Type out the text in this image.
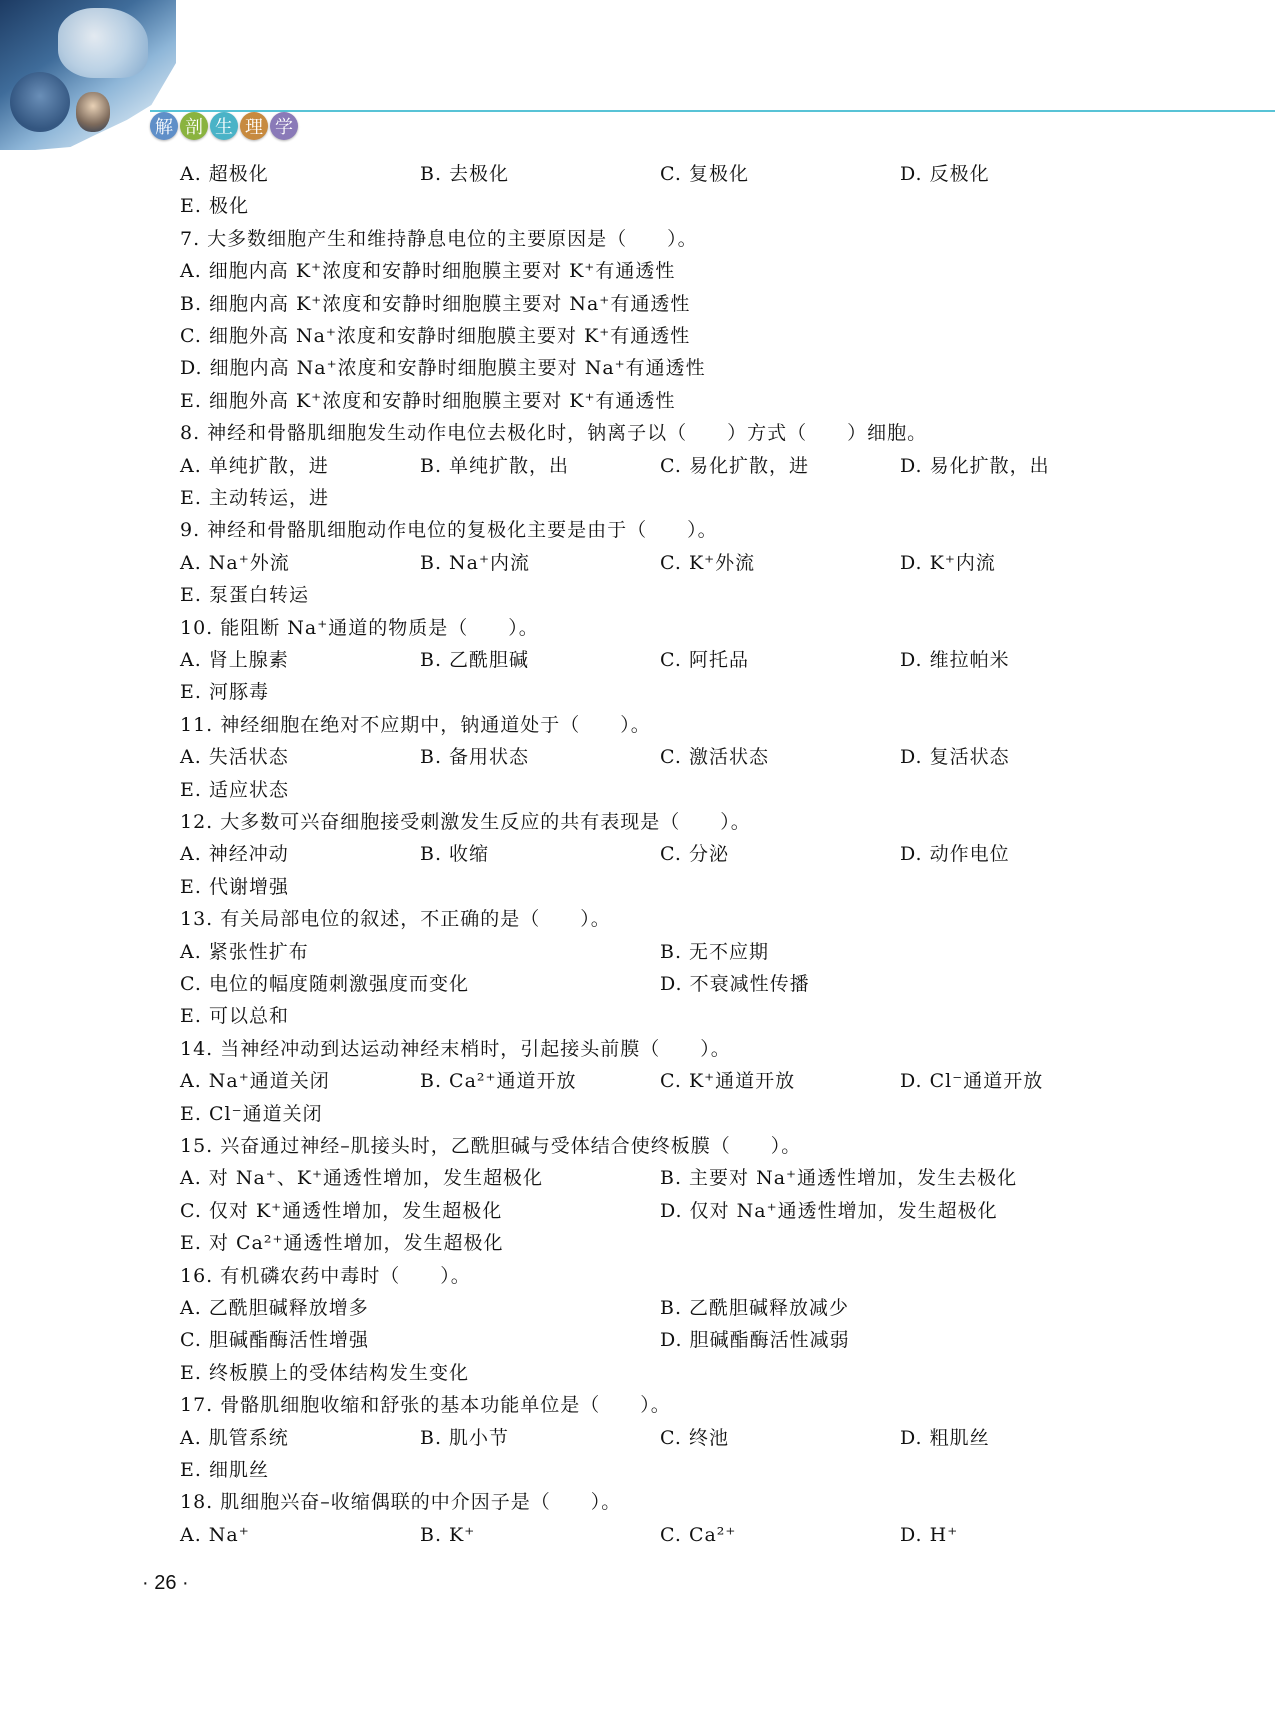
解 剖 生 理 学
A. 超极化	B. 去极化	C. 复极化	D. 反极化
E. 极化
7. 大多数细胞产生和维持静息电位的主要原因是（　　）。
A. 细胞内高 K⁺浓度和安静时细胞膜主要对 K⁺有通透性
B. 细胞内高 K⁺浓度和安静时细胞膜主要对 Na⁺有通透性
C. 细胞外高 Na⁺浓度和安静时细胞膜主要对 K⁺有通透性
D. 细胞内高 Na⁺浓度和安静时细胞膜主要对 Na⁺有通透性
E. 细胞外高 K⁺浓度和安静时细胞膜主要对 K⁺有通透性
8. 神经和骨骼肌细胞发生动作电位去极化时，钠离子以（　　）方式（　　）细胞。
A. 单纯扩散，进	B. 单纯扩散，出	C. 易化扩散，进	D. 易化扩散，出
E. 主动转运，进
9. 神经和骨骼肌细胞动作电位的复极化主要是由于（　　）。
A. Na⁺外流	B. Na⁺内流	C. K⁺外流	D. K⁺内流
E. 泵蛋白转运
10. 能阻断 Na⁺通道的物质是（　　）。
A. 肾上腺素	B. 乙酰胆碱	C. 阿托品	D. 维拉帕米
E. 河豚毒
11. 神经细胞在绝对不应期中，钠通道处于（　　）。
A. 失活状态	B. 备用状态	C. 激活状态	D. 复活状态
E. 适应状态
12. 大多数可兴奋细胞接受刺激发生反应的共有表现是（　　）。
A. 神经冲动	B. 收缩	C. 分泌	D. 动作电位
E. 代谢增强
13. 有关局部电位的叙述，不正确的是（　　）。
A. 紧张性扩布	B. 无不应期
C. 电位的幅度随刺激强度而变化	D. 不衰减性传播
E. 可以总和
14. 当神经冲动到达运动神经末梢时，引起接头前膜（　　）。
A. Na⁺通道关闭	B. Ca²⁺通道开放	C. K⁺通道开放	D. Cl⁻通道开放
E. Cl⁻通道关闭
15. 兴奋通过神经–肌接头时，乙酰胆碱与受体结合使终板膜（　　）。
A. 对 Na⁺、K⁺通透性增加，发生超极化	B. 主要对 Na⁺通透性增加，发生去极化
C. 仅对 K⁺通透性增加，发生超极化	D. 仅对 Na⁺通透性增加，发生超极化
E. 对 Ca²⁺通透性增加，发生超极化
16. 有机磷农药中毒时（　　）。
A. 乙酰胆碱释放增多	B. 乙酰胆碱释放减少
C. 胆碱酯酶活性增强	D. 胆碱酯酶活性减弱
E. 终板膜上的受体结构发生变化
17. 骨骼肌细胞收缩和舒张的基本功能单位是（　　）。
A. 肌管系统	B. 肌小节	C. 终池	D. 粗肌丝
E. 细肌丝
18. 肌细胞兴奋–收缩偶联的中介因子是（　　）。
A. Na⁺	B. K⁺	C. Ca²⁺	D. H⁺
· 26 ·
